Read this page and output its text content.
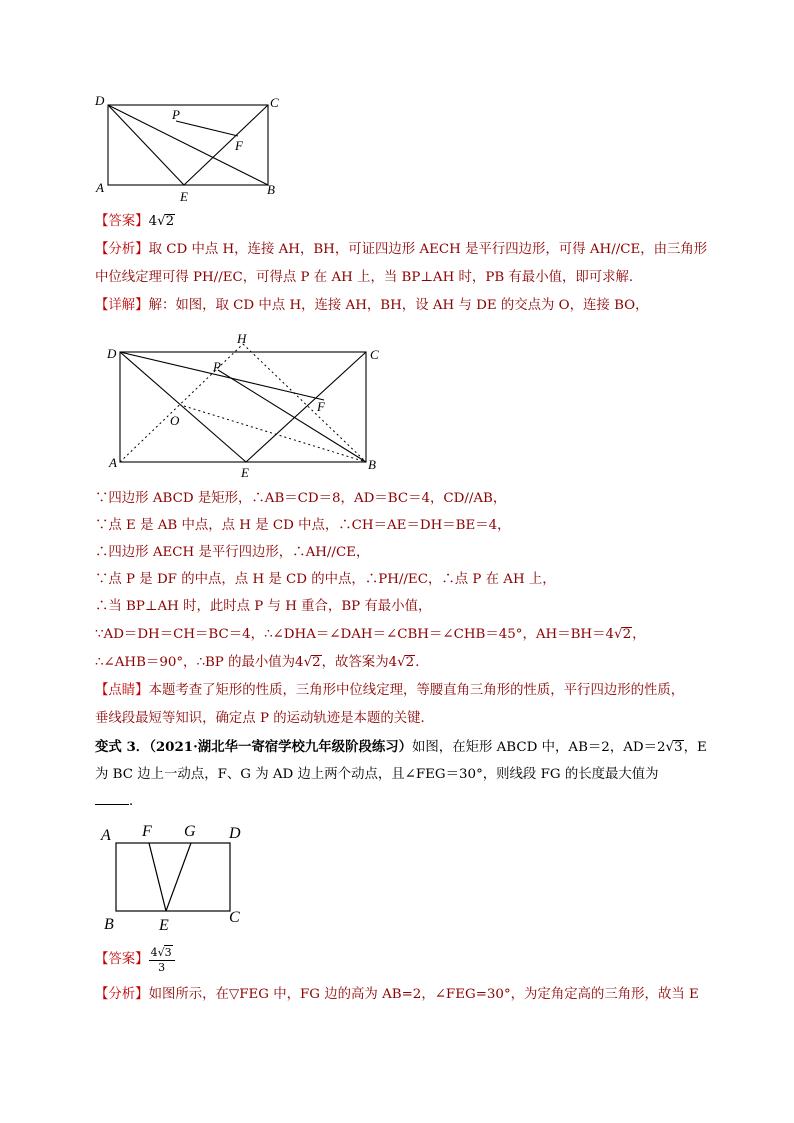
D	C
A	B
E
P
F
【答案】4√2
【分析】取 CD 中点 H，连接 AH，BH，可证四边形 AECH 是平行四边形，可得 AH//CE，由三角形
中位线定理可得 PH//EC，可得点 P 在 AH 上，当 BP⊥AH 时，PB 有最小值，即可求解．
【详解】解：如图，取 CD 中点 H，连接 AH，BH，设 AH 与 DE 的交点为 O，连接 BO，
D
H
C
P
F
O
A
E
B
∵四边形 ABCD 是矩形，∴AB＝CD＝8，AD＝BC＝4，CD//AB，
∵点 E 是 AB 中点，点 H 是 CD 中点，∴CH＝AE＝DH＝BE＝4，
∴四边形 AECH 是平行四边形，∴AH//CE，
∵点 P 是 DF 的中点，点 H 是 CD 的中点，∴PH//EC，∴点 P 在 AH 上，
∴当 BP⊥AH 时，此时点 P 与 H 重合，BP 有最小值，
∵AD＝DH＝CH＝BC＝4，∴∠DHA＝∠DAH＝∠CBH＝∠CHB＝45°，AH＝BH＝4√2，
∴∠AHB＝90°，∴BP 的最小值为4√2，故答案为4√2．
【点睛】本题考查了矩形的性质，三角形中位线定理，等腰直角三角形的性质，平行四边形的性质，
垂线段最短等知识，确定点 P 的运动轨迹是本题的关键．
变式 3．（2021·湖北华一寄宿学校九年级阶段练习）如图，在矩形 ABCD 中，AB＝2，AD＝2√3，E
为 BC 边上一动点，F、G 为 AD 边上两个动点，且∠FEG＝30°，则线段 FG 的长度最大值为
．
A F G D
B	E	C
【答案】 $\frac{4√3}{3}$
【分析】如图所示，在▽FEG 中，FG 边的高为 AB=2，∠FEG=30°，为定角定高的三角形，故当 E
